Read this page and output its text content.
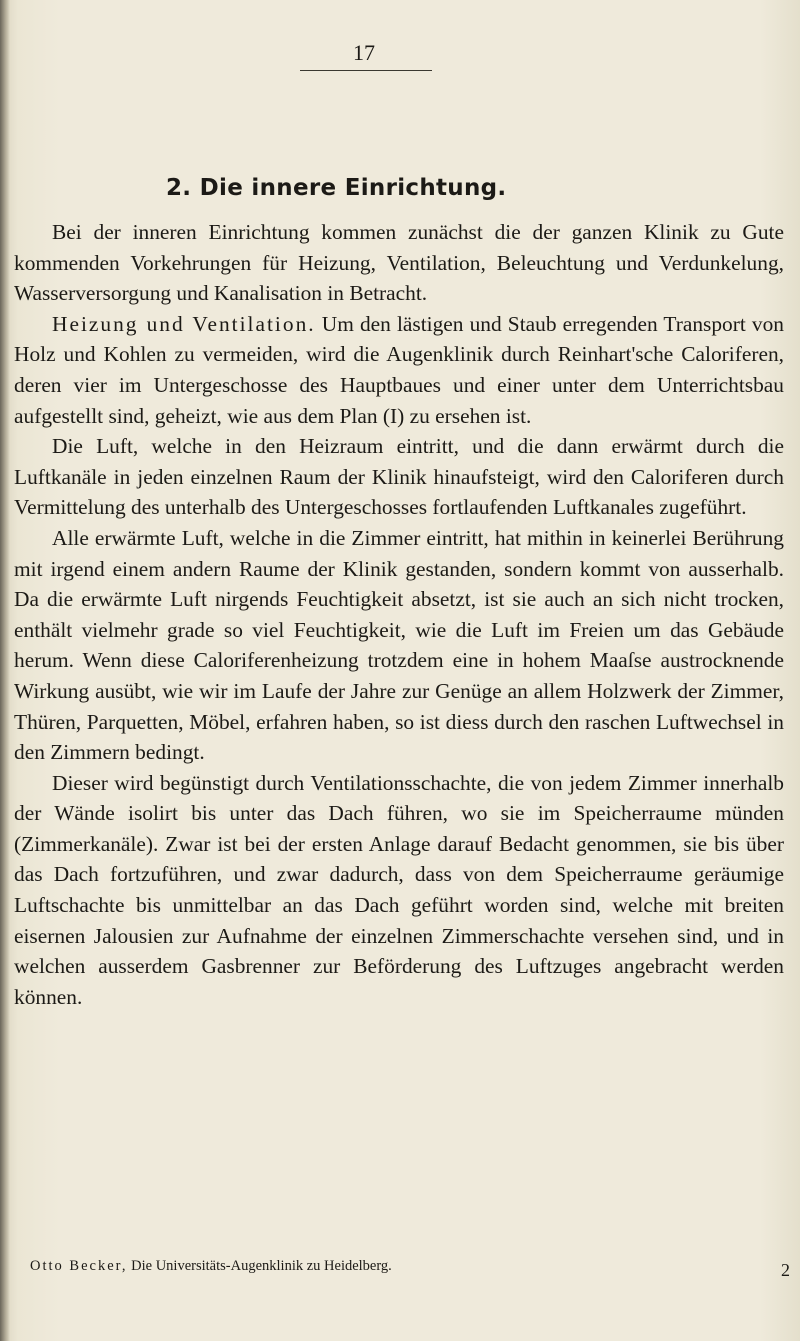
17
2. Die innere Einrichtung.

Bei der inneren Einrichtung kommen zunächst die der ganzen Klinik zu Gute kommenden Vorkehrungen für Heizung, Ventilation, Beleuchtung und Verdunkelung, Wasserversorgung und Kanalisation in Betracht.

Heizung und Ventilation. Um den lästigen und Staub erregenden Transport von Holz und Kohlen zu vermeiden, wird die Augenklinik durch Reinhart'sche Caloriferen, deren vier im Untergeschosse des Hauptbaues und einer unter dem Unterrichtsbau aufgestellt sind, geheizt, wie aus dem Plan (I) zu ersehen ist.

Die Luft, welche in den Heizraum eintritt, und die dann erwärmt durch die Luftkanäle in jeden einzelnen Raum der Klinik hinaufsteigt, wird den Caloriferen durch Vermittelung des unterhalb des Untergeschosses fortlaufenden Luftkanales zugeführt.

Alle erwärmte Luft, welche in die Zimmer eintritt, hat mithin in keinerlei Berührung mit irgend einem andern Raume der Klinik gestanden, sondern kommt von ausserhalb. Da die erwärmte Luft nirgends Feuchtigkeit absetzt, ist sie auch an sich nicht trocken, enthält vielmehr grade so viel Feuchtigkeit, wie die Luft im Freien um das Gebäude herum. Wenn diese Caloriferenheizung trotzdem eine in hohem Maaſse austrocknende Wirkung ausübt, wie wir im Laufe der Jahre zur Genüge an allem Holzwerk der Zimmer, Thüren, Parquetten, Möbel, erfahren haben, so ist diess durch den raschen Luftwechsel in den Zimmern bedingt.

Dieser wird begünstigt durch Ventilationsschachte, die von jedem Zimmer innerhalb der Wände isolirt bis unter das Dach führen, wo sie im Speicherraume münden (Zimmerkanäle). Zwar ist bei der ersten Anlage darauf Bedacht genommen, sie bis über das Dach fortzuführen, und zwar dadurch, dass von dem Speicherraume geräumige Luftschachte bis unmittelbar an das Dach geführt worden sind, welche mit breiten eisernen Jalousien zur Aufnahme der einzelnen Zimmerschachte versehen sind, und in welchen ausserdem Gasbrenner zur Beförderung des Luftzuges angebracht werden können.

Otto Becker, Die Universitäts-Augenklinik zu Heidelberg.	2
